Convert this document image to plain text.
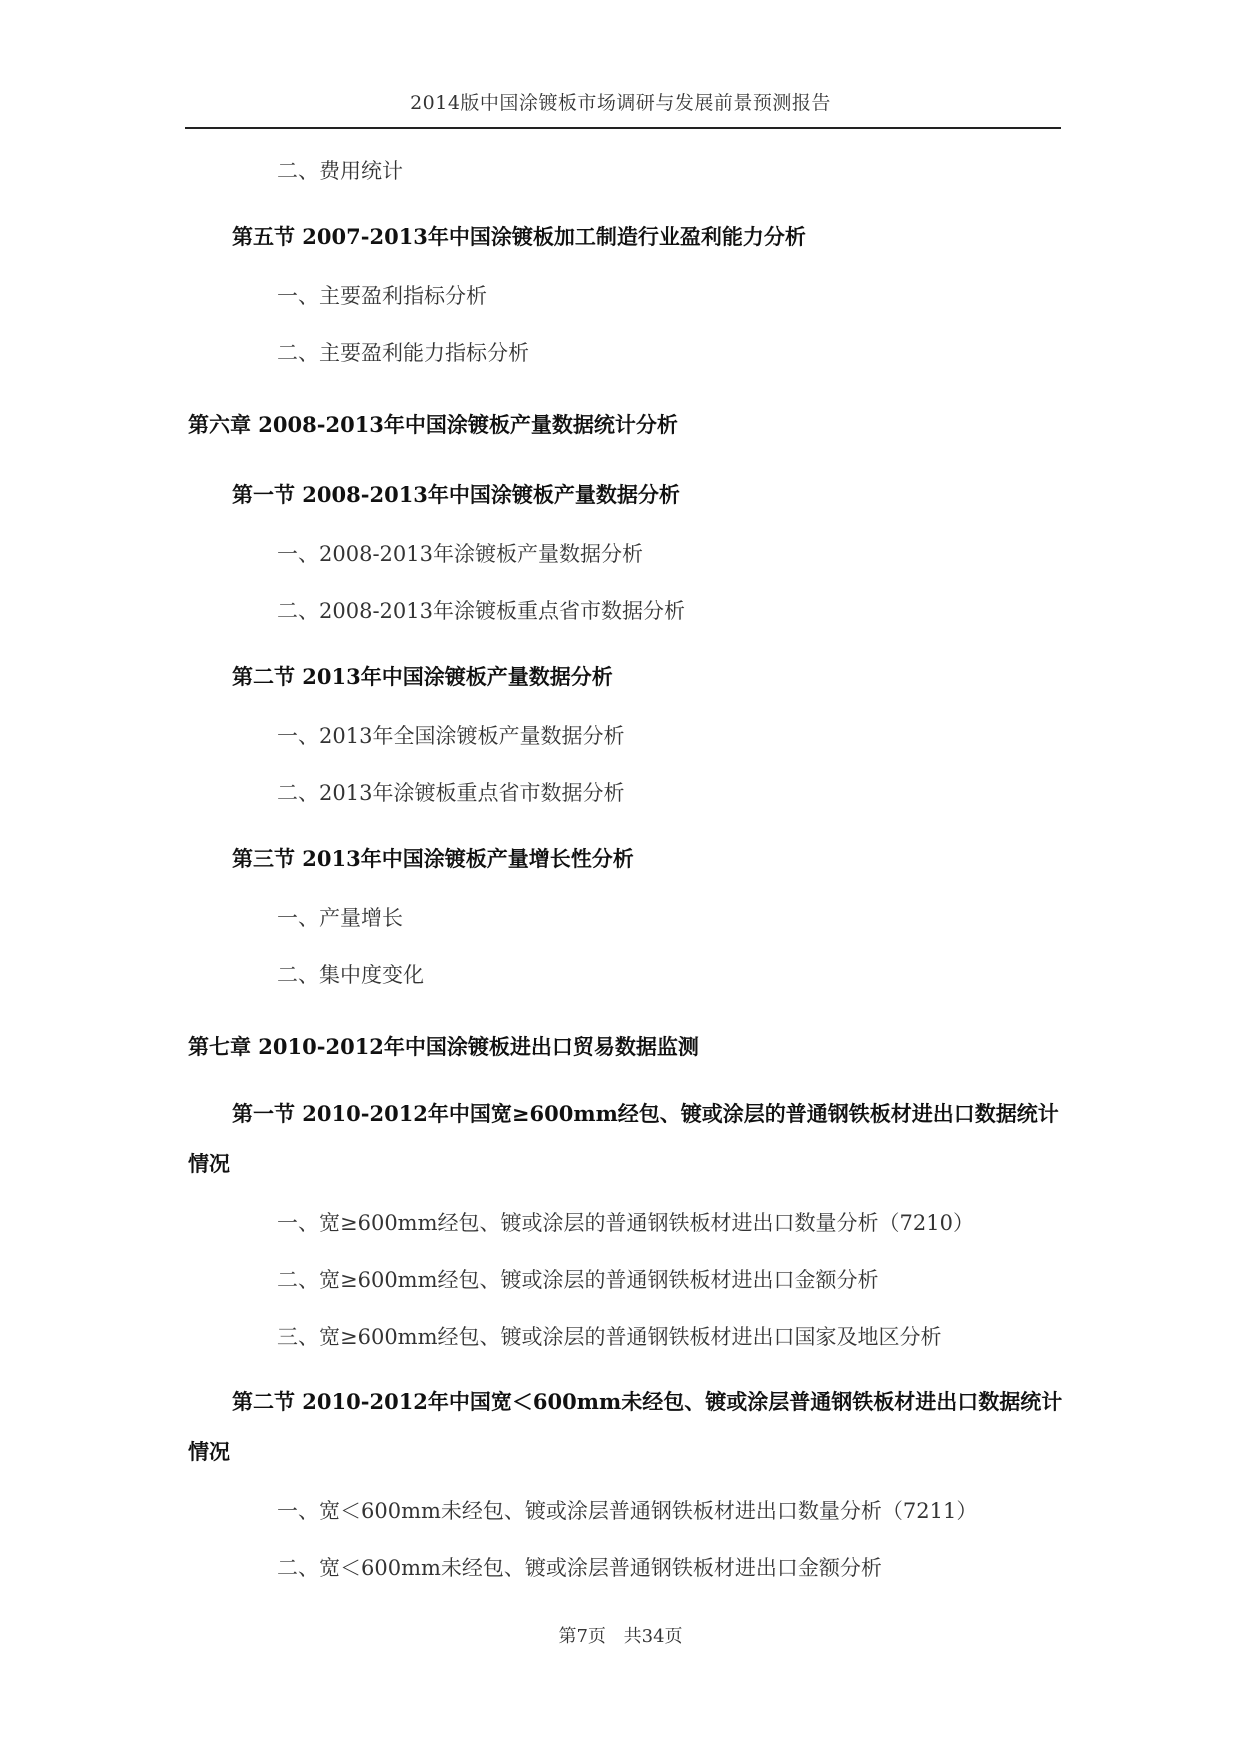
2014版中国涂镀板市场调研与发展前景预测报告
二、费用统计
第五节 2007-2013年中国涂镀板加工制造行业盈利能力分析
一、主要盈利指标分析
二、主要盈利能力指标分析
第六章 2008-2013年中国涂镀板产量数据统计分析
第一节 2008-2013年中国涂镀板产量数据分析
一、2008-2013年涂镀板产量数据分析
二、2008-2013年涂镀板重点省市数据分析
第二节 2013年中国涂镀板产量数据分析
一、2013年全国涂镀板产量数据分析
二、2013年涂镀板重点省市数据分析
第三节 2013年中国涂镀板产量增长性分析
一、产量增长
二、集中度变化
第七章 2010-2012年中国涂镀板进出口贸易数据监测
第一节 2010-2012年中国宽≥600mm经包、镀或涂层的普通钢铁板材进出口数据统计
情况
一、宽≥600mm经包、镀或涂层的普通钢铁板材进出口数量分析（7210）
二、宽≥600mm经包、镀或涂层的普通钢铁板材进出口金额分析
三、宽≥600mm经包、镀或涂层的普通钢铁板材进出口国家及地区分析
第二节 2010-2012年中国宽＜600mm未经包、镀或涂层普通钢铁板材进出口数据统计
情况
一、宽＜600mm未经包、镀或涂层普通钢铁板材进出口数量分析（7211）
二、宽＜600mm未经包、镀或涂层普通钢铁板材进出口金额分析
第7页 共34页
